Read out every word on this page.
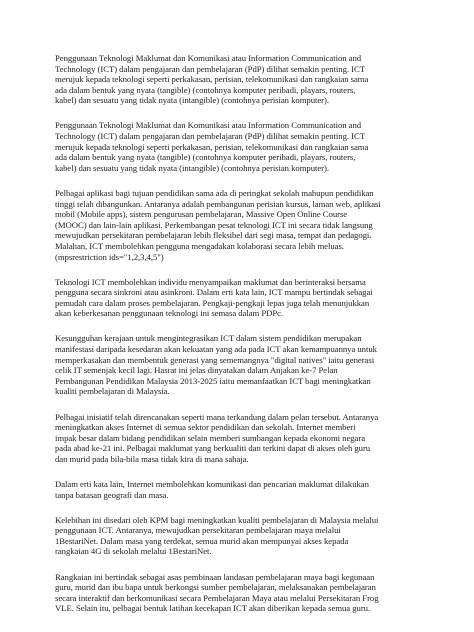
Penggunaan Teknologi Maklumat dan Komunikasi atau Information Communication and
Technology (ICT) dalam pengajaran dan pembelajaran (PdP) dilihat semakin penting. ICT
merujuk kepada teknologi seperti perkakasan, perisian, telekomunikasi dan rangkaian sama
ada dalam bentuk yang nyata (tangible) (contohnya komputer peribadi, playars, routers,
kabel) dan sesuatu yang tidak nyata (intangible) (contohnya perisian komputer).

Penggunaan Teknologi Maklumat dan Komunikasi atau Information Communication and
Technology (ICT) dalam pengajaran dan pembelajaran (PdP) dilihat semakin penting. ICT
merujuk kepada teknologi seperti perkakasan, perisian, telekomunikasi dan rangkaian sama
ada dalam bentuk yang nyata (tangible) (contohnya komputer peribadi, playars, routers,
kabel) dan sesuatu yang tidak nyata (intangible) (contohnya perisian komputer).

Pelbagai aplikasi bagi tujuan pendidikan sama ada di peringkat sekolah mahupun pendidikan
tinggi telah dibangunkan. Antaranya adalah pembangunan perisian kursus, laman web, aplikasi
mobil (Mobile apps), sistem pengurusan pembelajaran, Massive Open Online Course
(MOOC) dan lain-lain aplikasi. Perkembangan pesat teknologi ICT ini secara tidak langsung
mewujudkan persekitaran pembelajaran lebih fleksibel dari segi masa, tempat dan pedagogi.
Malahan, ICT membolehkan pengguna mengadakan kolaborasi secara lebih meluas.
(mpsrestriction ids="1,2,3,4,5")

Teknologi ICT membolehkan individu menyampaikan maklumat dan berinteraksi bersama
pengguna secara sinkroni atau asinkroni. Dalam erti kata lain, ICT mampu bertindak sebagai
pemudah cara dalam proses pembelajaran. Pengkaji-pengkaji lepas juga telah menunjukkan
akan keberkesanan penggunaan teknologi ini semasa dalam PDPc.

Kesungguhan kerajaan untuk mengintegrasikan ICT dalam sistem pendidikan merupakan
manifestasi daripada kesedaran akan kekuatan yang ada pada ICT akan kemampuannya untuk
memperkasakan dan membentuk generasi yang sememangnya "digital natives" iaitu generasi
celik IT semenjak kecil lagi. Hasrat ini jelas dinyatakan dalam Anjakan ke-7 Pelan
Pembangunan Pendidikan Malaysia 2013-2025 iaitu memanfaatkan ICT bagi meningkatkan
kualiti pembelajaran di Malaysia.

Pelbagai inisiatif telah direncanakan seperti mana terkandung dalam pelan tersebut. Antaranya
meningkatkan akses Internet di semua sektor pendidikan dan sekolah. Internet memberi
impak besar dalam bidang pendidikan selain memberi sumbangan kepada ekonomi negara
pada abad ke-21 ini. Pelbagai maklumat yang berkualiti dan terkini dapat di akses oleh guru
dan murid pada bila-bila masa tidak kira di mana sahaja.

Dalam erti kata lain, Internet membolehkan komunikasi dan pencarian maklumat dilakukan
tanpa batasan geografi dan masa.

Kelebihan ini disedari oleh KPM bagi meningkatkan kualiti pembelajaran di Malaysia melalui
penggunaan ICT. Antaranya, mewujudkan persekitaran pembelajaran maya melalui
1BestariNet. Dalam masa yang terdekat, semua murid akan mempunyai akses kepada
rangkaian 4G di sekolah melalui 1BestariNet.

Rangkaian ini bertindak sebagai asas pembinaan landasan pembelajaran maya bagi kegunaan
guru, murid dan ibu bapa untuk berkongsi sumber pembelajaran, melaksanakan pembelajaran
secara interaktif dan berkomunikasi secara Pembelajaran Maya atau melalui Persekitaran Frog
VLE. Selain itu, pelbagai bentuk latihan kecekapan ICT akan diberikan kepada semua guru.
